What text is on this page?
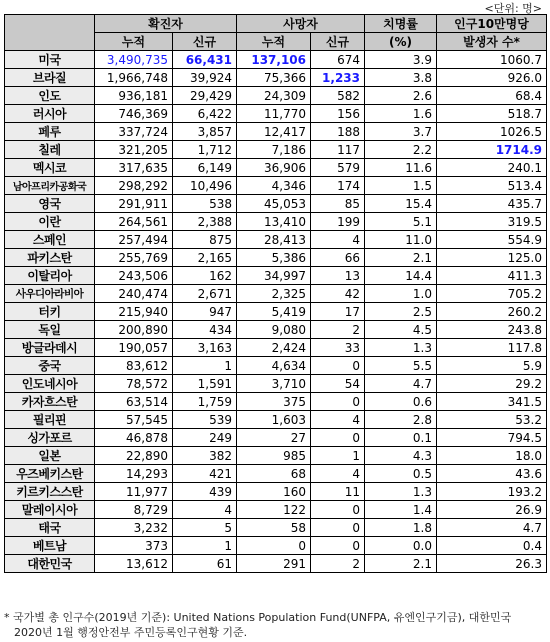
<단위: 명>
	확진자		사망자		치명률	인구10만명당
	누적	신규	누적	신규	(%)	발생자 수*
미국	3,490,735	66,431	137,106	674	3.9	1060.7
브라질	1,966,748	39,924	75,366	1,233	3.8	926.0
인도	936,181	29,429	24,309	582	2.6	68.4
러시아	746,369	6,422	11,770	156	1.6	518.7
페루	337,724	3,857	12,417	188	3.7	1026.5
칠레	321,205	1,712	7,186	117	2.2	1714.9
멕시코	317,635	6,149	36,906	579	11.6	240.1
남아프리카공화국	298,292	10,496	4,346	174	1.5	513.4
영국	291,911	538	45,053	85	15.4	435.7
이란	264,561	2,388	13,410	199	5.1	319.5
스페인	257,494	875	28,413	4	11.0	554.9
파키스탄	255,769	2,165	5,386	66	2.1	125.0
이탈리아	243,506	162	34,997	13	14.4	411.3
사우디아라비아	240,474	2,671	2,325	42	1.0	705.2
터키	215,940	947	5,419	17	2.5	260.2
독일	200,890	434	9,080	2	4.5	243.8
방글라데시	190,057	3,163	2,424	33	1.3	117.8
중국	83,612	1	4,634	0	5.5	5.9
인도네시아	78,572	1,591	3,710	54	4.7	29.2
카자흐스탄	63,514	1,759	375	0	0.6	341.5
필리핀	57,545	539	1,603	4	2.8	53.2
싱가포르	46,878	249	27	0	0.1	794.5
일본	22,890	382	985	1	4.3	18.0
우즈베키스탄	14,293	421	68	4	0.5	43.6
키르키스스탄	11,977	439	160	11	1.3	193.2
말레이시아	8,729	4	122	0	1.4	26.9
태국	3,232	5	58	0	1.8	4.7
베트남	373	1	0	0	0.0	0.4
대한민국	13,612	61	291	2	2.1	26.3
* 국가별 총 인구수(2019년 기준): United Nations Population Fund(UNFPA, 유엔인구기금), 대한민국
2020년 1월 행정안전부 주민등록인구현황 기준.
